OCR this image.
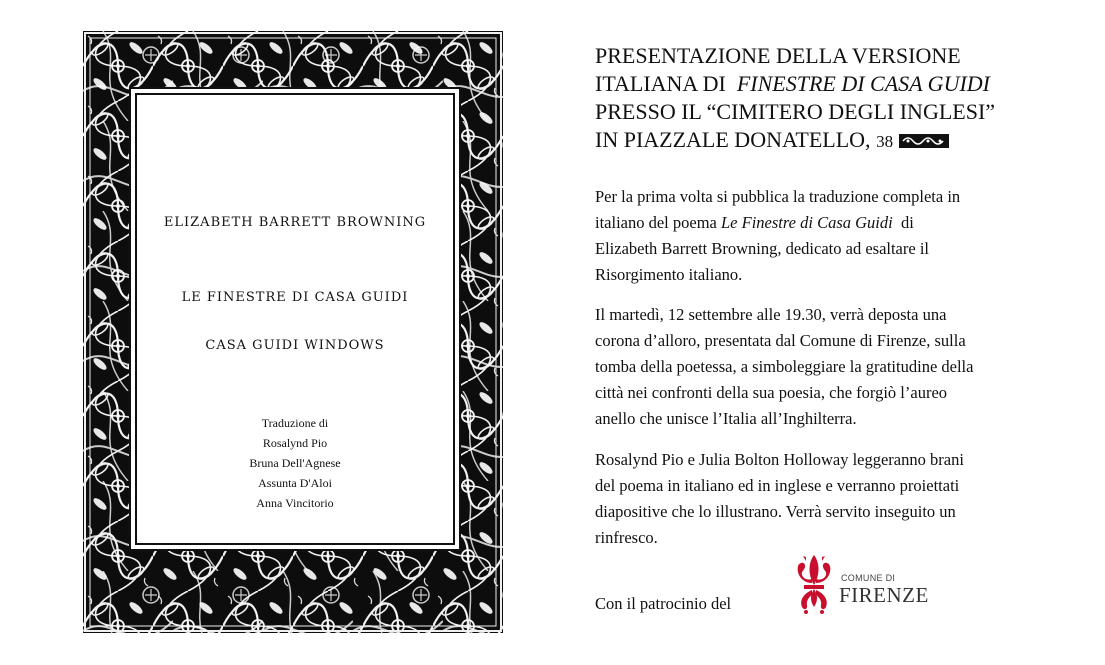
ELIZABETH BARRETT BROWNING
LE FINESTRE DI CASA GUIDI
CASA GUIDI WINDOWS
Traduzione di
Rosalynd Pio
Bruna Dell'Agnese
Assunta D'Aloi
Anna Vincitorio
PRESENTAZIONE DELLA VERSIONE
ITALIANA DI FINESTRE DI CASA GUIDI
PRESSO IL “CIMITERO DEGLI INGLESI”
IN PIAZZALE DONATELLO, 38
Per la prima volta si pubblica la traduzione completa in
italiano del poema Le Finestre di Casa Guidi di
Elizabeth Barrett Browning, dedicato ad esaltare il
Risorgimento italiano.
Il martedì, 12 settembre alle 19.30, verrà deposta una
corona d’alloro, presentata dal Comune di Firenze, sulla
tomba della poetessa, a simboleggiare la gratitudine della
città nei confronti della sua poesia, che forgiò l’aureo
anello che unisce l’Italia all’Inghilterra.
Rosalynd Pio e Julia Bolton Holloway leggeranno brani
del poema in italiano ed in inglese e verranno proiettati
diapositive che lo illustrano. Verrà servito inseguito un
rinfresco.
Con il patrocinio del
COMUNE DI
FIRENZE
